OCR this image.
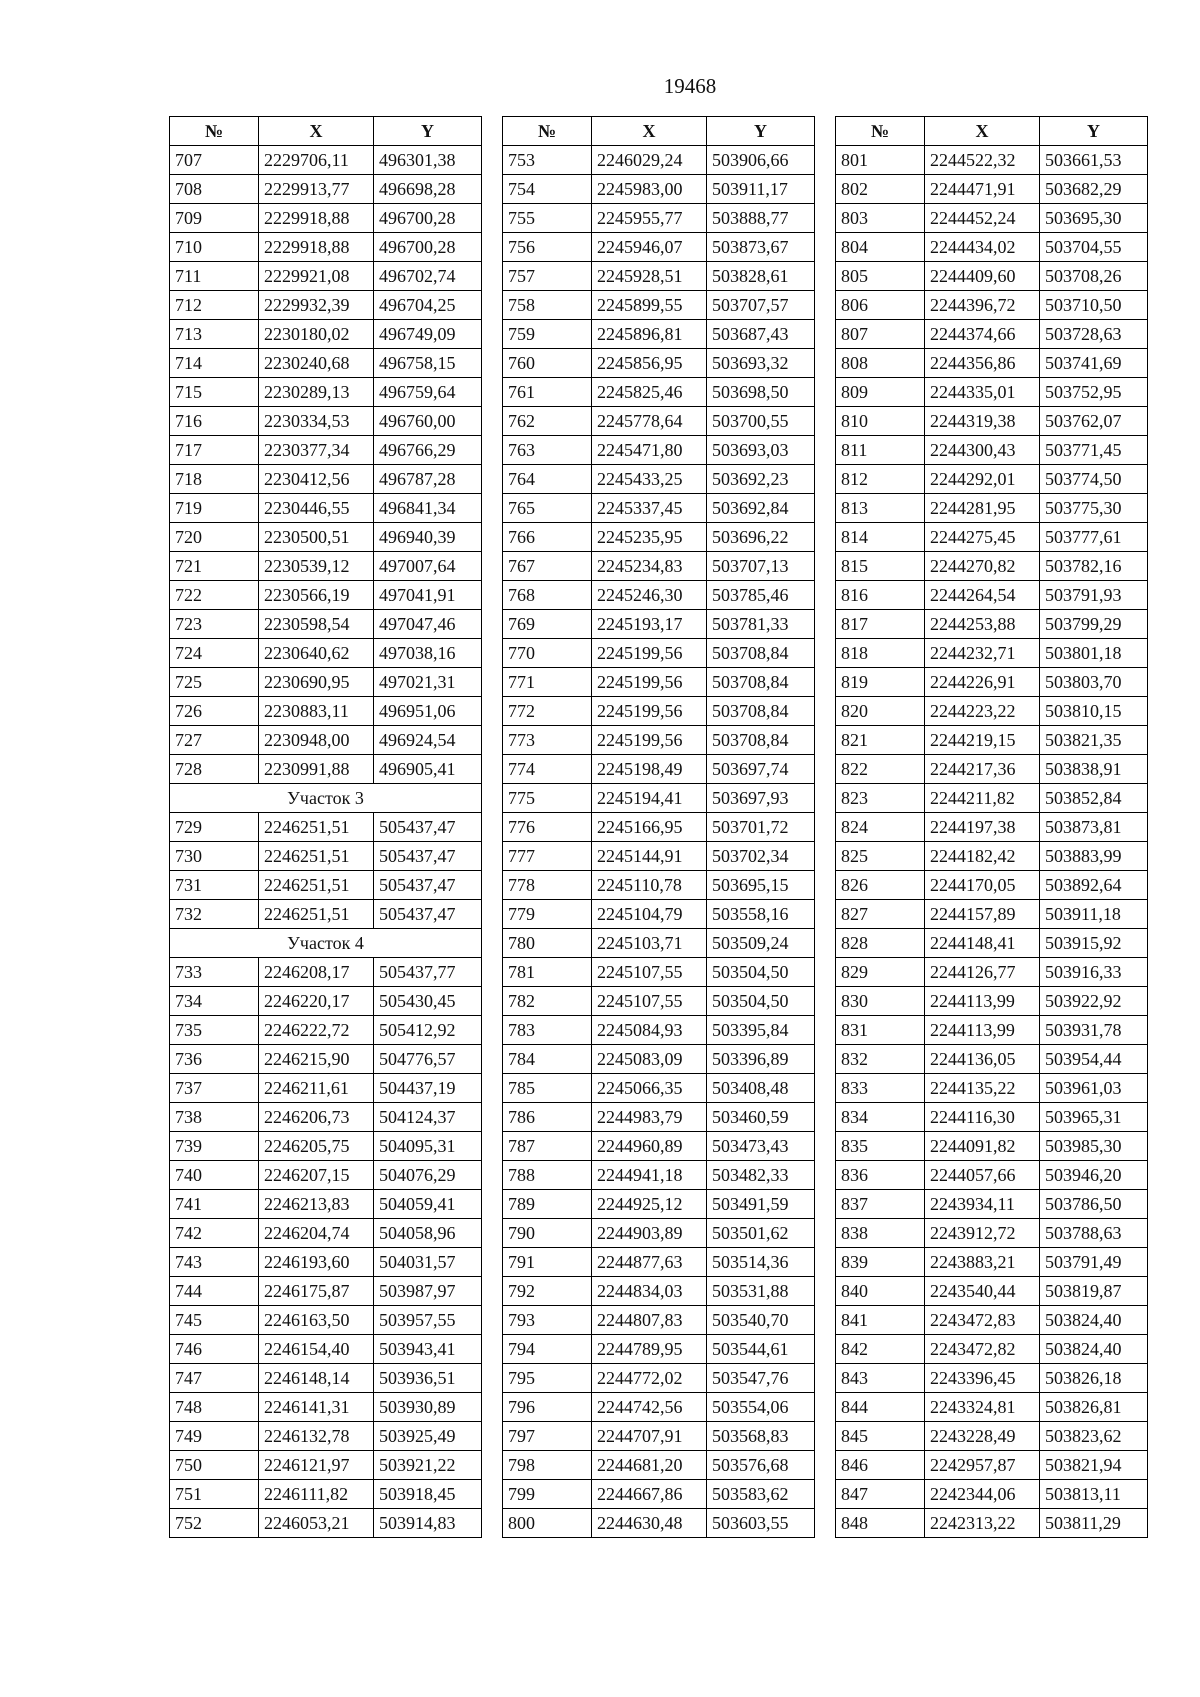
19468
№	X	Y
707	2229706,11	496301,38
708	2229913,77	496698,28
709	2229918,88	496700,28
710	2229918,88	496700,28
711	2229921,08	496702,74
712	2229932,39	496704,25
713	2230180,02	496749,09
714	2230240,68	496758,15
715	2230289,13	496759,64
716	2230334,53	496760,00
717	2230377,34	496766,29
718	2230412,56	496787,28
719	2230446,55	496841,34
720	2230500,51	496940,39
721	2230539,12	497007,64
722	2230566,19	497041,91
723	2230598,54	497047,46
724	2230640,62	497038,16
725	2230690,95	497021,31
726	2230883,11	496951,06
727	2230948,00	496924,54
728	2230991,88	496905,41
Участок 3		
729	2246251,51	505437,47
730	2246251,51	505437,47
731	2246251,51	505437,47
732	2246251,51	505437,47
Участок 4		
733	2246208,17	505437,77
734	2246220,17	505430,45
735	2246222,72	505412,92
736	2246215,90	504776,57
737	2246211,61	504437,19
738	2246206,73	504124,37
739	2246205,75	504095,31
740	2246207,15	504076,29
741	2246213,83	504059,41
742	2246204,74	504058,96
743	2246193,60	504031,57
744	2246175,87	503987,97
745	2246163,50	503957,55
746	2246154,40	503943,41
747	2246148,14	503936,51
748	2246141,31	503930,89
749	2246132,78	503925,49
750	2246121,97	503921,22
751	2246111,82	503918,45
752	2246053,21	503914,83
№	X	Y
753	2246029,24	503906,66
754	2245983,00	503911,17
755	2245955,77	503888,77
756	2245946,07	503873,67
757	2245928,51	503828,61
758	2245899,55	503707,57
759	2245896,81	503687,43
760	2245856,95	503693,32
761	2245825,46	503698,50
762	2245778,64	503700,55
763	2245471,80	503693,03
764	2245433,25	503692,23
765	2245337,45	503692,84
766	2245235,95	503696,22
767	2245234,83	503707,13
768	2245246,30	503785,46
769	2245193,17	503781,33
770	2245199,56	503708,84
771	2245199,56	503708,84
772	2245199,56	503708,84
773	2245199,56	503708,84
774	2245198,49	503697,74
775	2245194,41	503697,93
776	2245166,95	503701,72
777	2245144,91	503702,34
778	2245110,78	503695,15
779	2245104,79	503558,16
780	2245103,71	503509,24
781	2245107,55	503504,50
782	2245107,55	503504,50
783	2245084,93	503395,84
784	2245083,09	503396,89
785	2245066,35	503408,48
786	2244983,79	503460,59
787	2244960,89	503473,43
788	2244941,18	503482,33
789	2244925,12	503491,59
790	2244903,89	503501,62
791	2244877,63	503514,36
792	2244834,03	503531,88
793	2244807,83	503540,70
794	2244789,95	503544,61
795	2244772,02	503547,76
796	2244742,56	503554,06
797	2244707,91	503568,83
798	2244681,20	503576,68
799	2244667,86	503583,62
800	2244630,48	503603,55
№	X	Y
801	2244522,32	503661,53
802	2244471,91	503682,29
803	2244452,24	503695,30
804	2244434,02	503704,55
805	2244409,60	503708,26
806	2244396,72	503710,50
807	2244374,66	503728,63
808	2244356,86	503741,69
809	2244335,01	503752,95
810	2244319,38	503762,07
811	2244300,43	503771,45
812	2244292,01	503774,50
813	2244281,95	503775,30
814	2244275,45	503777,61
815	2244270,82	503782,16
816	2244264,54	503791,93
817	2244253,88	503799,29
818	2244232,71	503801,18
819	2244226,91	503803,70
820	2244223,22	503810,15
821	2244219,15	503821,35
822	2244217,36	503838,91
823	2244211,82	503852,84
824	2244197,38	503873,81
825	2244182,42	503883,99
826	2244170,05	503892,64
827	2244157,89	503911,18
828	2244148,41	503915,92
829	2244126,77	503916,33
830	2244113,99	503922,92
831	2244113,99	503931,78
832	2244136,05	503954,44
833	2244135,22	503961,03
834	2244116,30	503965,31
835	2244091,82	503985,30
836	2244057,66	503946,20
837	2243934,11	503786,50
838	2243912,72	503788,63
839	2243883,21	503791,49
840	2243540,44	503819,87
841	2243472,83	503824,40
842	2243472,82	503824,40
843	2243396,45	503826,18
844	2243324,81	503826,81
845	2243228,49	503823,62
846	2242957,87	503821,94
847	2242344,06	503813,11
848	2242313,22	503811,29
